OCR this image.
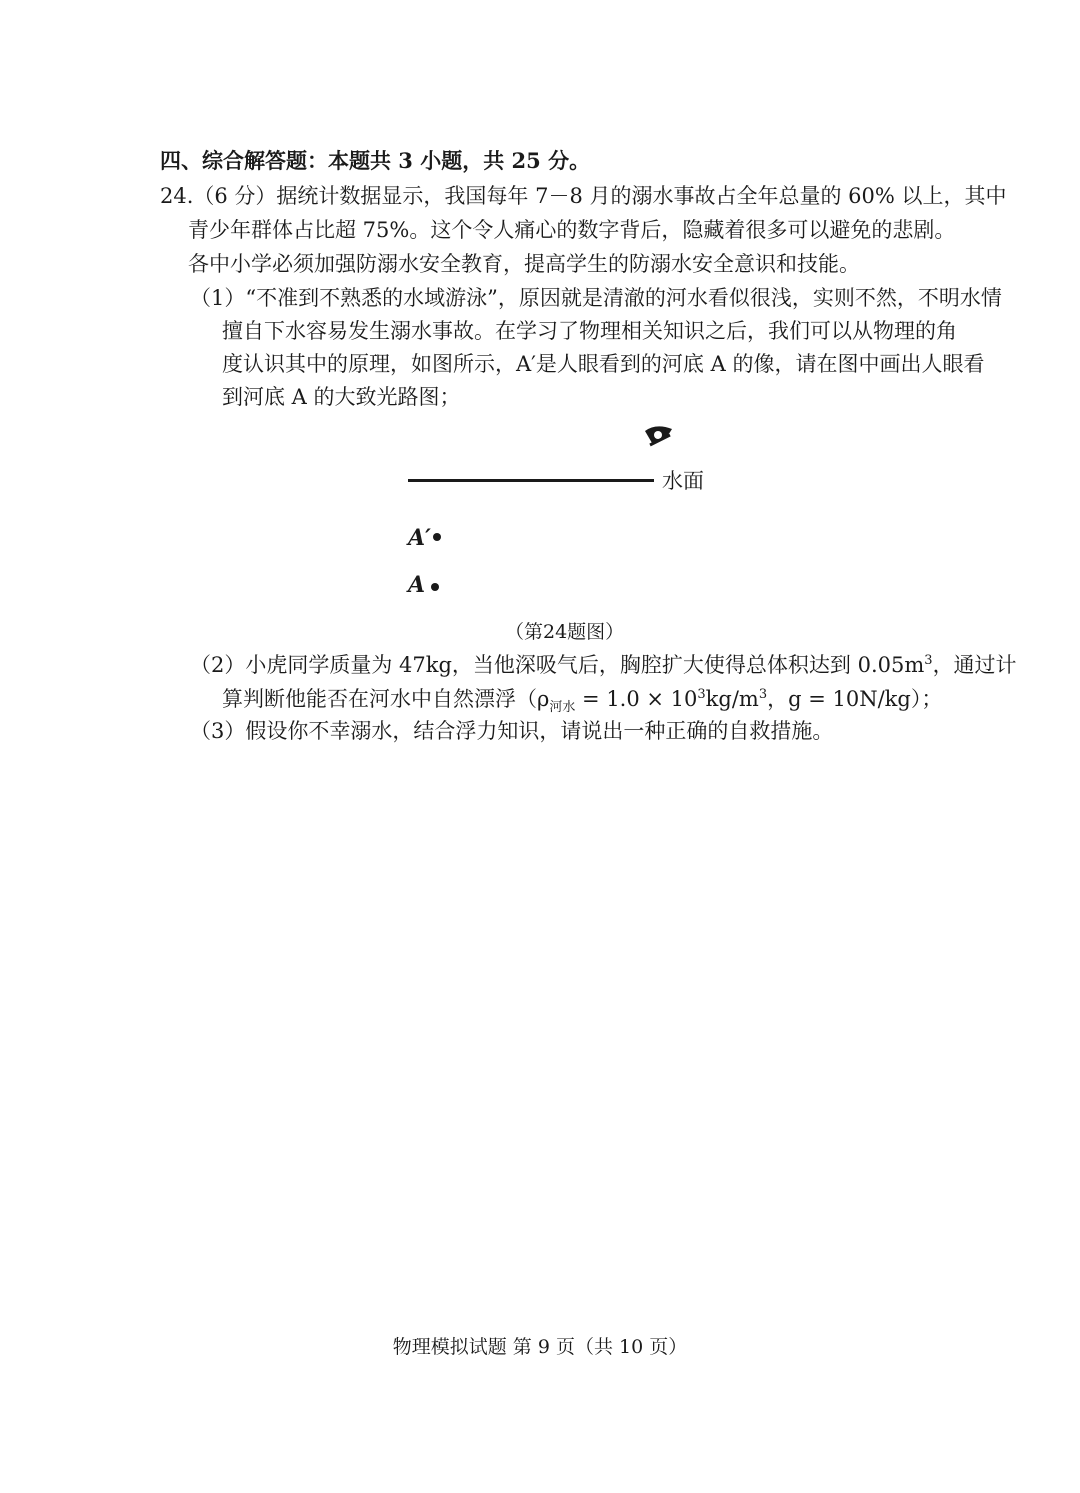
四、综合解答题：本题共 3 小题，共 25 分。
24.（6 分）据统计数据显示，我国每年 7－8 月的溺水事故占全年总量的 60% 以上，其中
青少年群体占比超 75%。这个令人痛心的数字背后，隐藏着很多可以避免的悲剧。
各中小学必须加强防溺水安全教育，提高学生的防溺水安全意识和技能。
（1）“不准到不熟悉的水域游泳”，原因就是清澈的河水看似很浅，实则不然，不明水情
擅自下水容易发生溺水事故。在学习了物理相关知识之后，我们可以从物理的角
度认识其中的原理，如图所示，A′是人眼看到的河底 A 的像，请在图中画出人眼看
到河底 A 的大致光路图；
水面
A′
A
（第24题图）
（2）小虎同学质量为 47kg，当他深吸气后，胸腔扩大使得总体积达到 $0.05m^3$，通过计
算判断他能否在河水中自然漂浮（$\rho_{河水} = 1.0 \times 10^3kg/m^3$，g = 10N/kg）；
（3）假设你不幸溺水，结合浮力知识，请说出一种正确的自救措施。
物理模拟试题 第 9 页（共 10 页）
